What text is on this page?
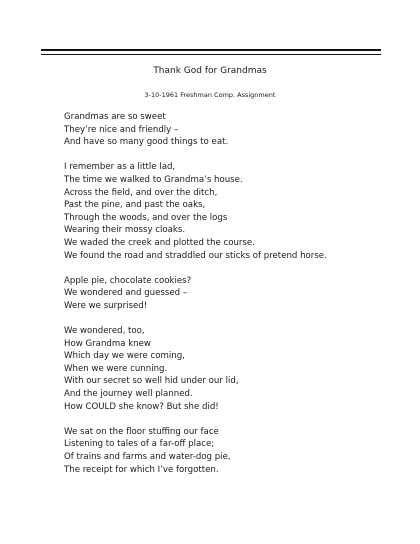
Thank God for Grandmas
3-10-1961 Freshman Comp. Assignment
Grandmas are so sweet
They’re nice and friendly –
And have so many good things to eat.
I remember as a little lad,
The time we walked to Grandma’s house.
Across the field, and over the ditch,
Past the pine, and past the oaks,
Through the woods, and over the logs
Wearing their mossy cloaks.
We waded the creek and plotted the course.
We found the road and straddled our sticks of pretend horse.
Apple pie, chocolate cookies?
We wondered and guessed –
Were we surprised!
We wondered, too,
How Grandma knew
Which day we were coming,
When we were cunning.
With our secret so well hid under our lid,
And the journey well planned.
How COULD she know? But she did!
We sat on the floor stuffing our face
Listening to tales of a far-off place;
Of trains and farms and water-dog pie,
The receipt for which I’ve forgotten.
